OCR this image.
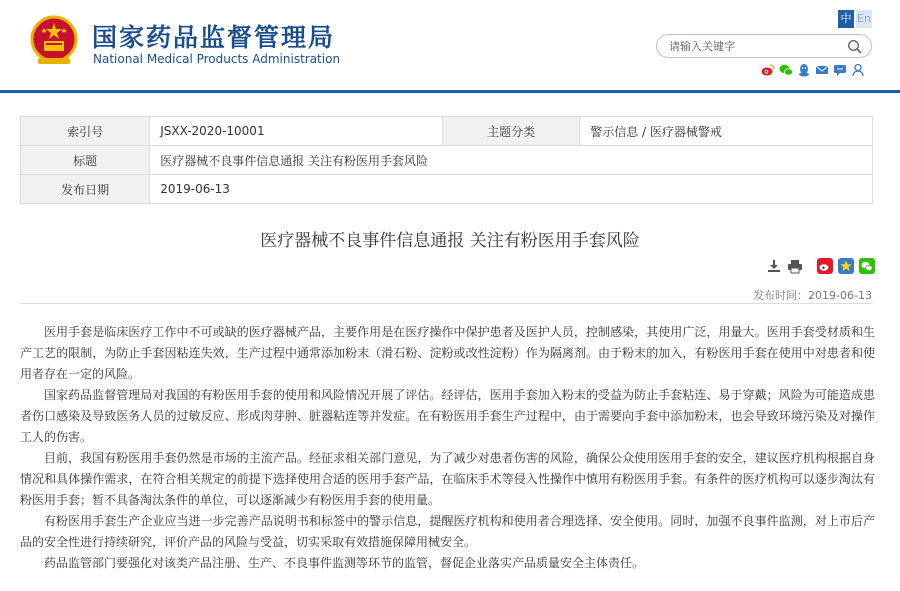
国家药品监督管理局
National Medical Products Administration
中 En
请输入关键字
索引号	JSXX-2020-10001	主题分类	警示信息 / 医疗器械警戒
标题	医疗器械不良事件信息通报 关注有粉医用手套风险		
发布日期	2019-06-13		
医疗器械不良事件信息通报 关注有粉医用手套风险
发布时间：2019-06-13

医用手套是临床医疗工作中不可或缺的医疗器械产品，主要作用是在医疗操作中保护患者及医护人员，控制感染，其使用广泛，用量大。医用手套受材质和生产工艺的限制，为防止手套因粘连失效，生产过程中通常添加粉末（滑石粉、淀粉或改性淀粉）作为隔离剂。由于粉末的加入，有粉医用手套在使用中对患者和使用者存在一定的风险。

国家药品监督管理局对我国的有粉医用手套的使用和风险情况开展了评估。经评估，医用手套加入粉末的受益为防止手套粘连、易于穿戴；风险为可能造成患者伤口感染及导致医务人员的过敏反应、形成肉芽肿、脏器粘连等并发症。在有粉医用手套生产过程中，由于需要向手套中添加粉末，也会导致环境污染及对操作工人的伤害。

目前，我国有粉医用手套仍然是市场的主流产品。经征求相关部门意见，为了减少对患者伤害的风险，确保公众使用医用手套的安全，建议医疗机构根据自身情况和具体操作需求，在符合相关规定的前提下选择使用合适的医用手套产品，在临床手术等侵入性操作中慎用有粉医用手套。有条件的医疗机构可以逐步淘汰有粉医用手套；暂不具备淘汰条件的单位，可以逐渐减少有粉医用手套的使用量。

有粉医用手套生产企业应当进一步完善产品说明书和标签中的警示信息，提醒医疗机构和使用者合理选择、安全使用。同时，加强不良事件监测，对上市后产品的安全性进行持续研究，评价产品的风险与受益，切实采取有效措施保障用械安全。

药品监管部门要强化对该类产品注册、生产、不良事件监测等环节的监管，督促企业落实产品质量安全主体责任。
